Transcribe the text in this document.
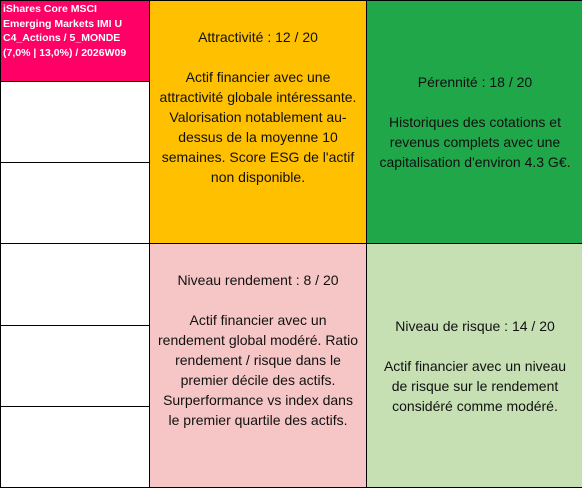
iShares Core MSCI
Emerging Markets IMI U
C4_Actions / 5_MONDE
(7,0% | 13,0%) / 2026W09
Attractivité : 12 / 20
Actif financier avec une attractivité globale intéressante. Valorisation notablement au-dessus de la moyenne 10 semaines. Score ESG de l'actif non disponible.
Pérennité : 18 / 20
Historiques des cotations et revenus complets avec une capitalisation d'environ 4.3 G€.
Niveau rendement : 8 / 20
Actif financier avec un rendement global modéré. Ratio rendement / risque dans le premier décile des actifs. Surperformance vs index dans le premier quartile des actifs.
Niveau de risque : 14 / 20
Actif financier avec un niveau de risque sur le rendement considéré comme modéré.
